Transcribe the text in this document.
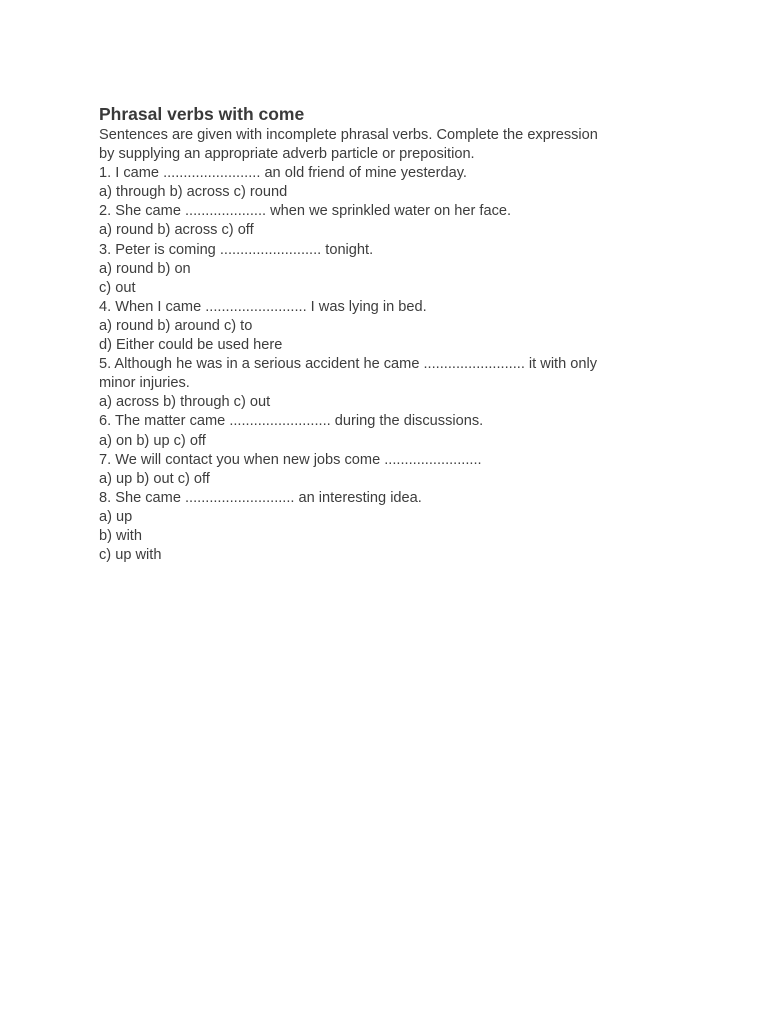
Phrasal verbs with come

Sentences are given with incomplete phrasal verbs. Complete the expression

by supplying an appropriate adverb particle or preposition.

1. I came ........................ an old friend of mine yesterday.

a) through b) across c) round

2. She came .................... when we sprinkled water on her face.

a) round b) across c) off

3. Peter is coming ......................... tonight.

a) round b) on

c) out

4. When I came ......................... I was lying in bed.

a) round b) around c) to

d) Either could be used here

5. Although he was in a serious accident he came ......................... it with only

minor injuries.

a) across b) through c) out

6. The matter came ......................... during the discussions.

a) on b) up c) off

7. We will contact you when new jobs come ........................

a) up b) out c) off

8. She came ........................... an interesting idea.

a) up

b) with

c) up with
